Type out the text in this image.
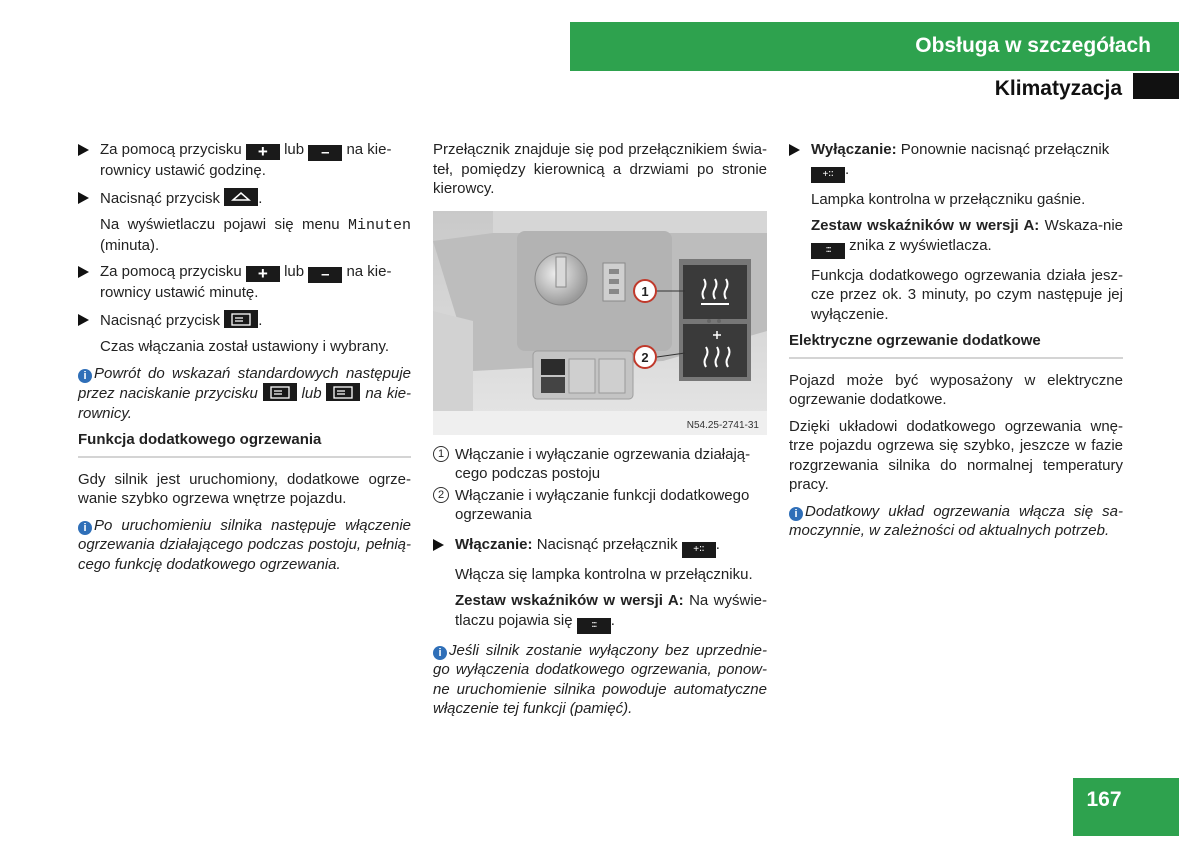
Obsługa w szczegółach
Klimatyzacja
Za pomocą przycisku +	lub –	na kie-rownicy ustawić godzinę.
Nacisnąć przycisk	.

Na wyświetlaczu pojawi się menu Minuten (minuta).

Za pomocą przycisku +	lub –	na kie-rownicy ustawić minutę.
Nacisnąć przycisk	.

Czas włączania został ustawiony i wybrany.

i Powrót do wskazań standardowych następuje przez naciskanie przycisku	lub	na kie-rownicy.

Funkcja dodatkowego ogrzewania

Gdy silnik jest uruchomiony, dodatkowe ogrze-wanie szybko ogrzewa wnętrze pojazdu.

i Po uruchomieniu silnika następuje włączenie ogrzewania działającego podczas postoju, pełnią-cego funkcję dodatkowego ogrzewania.

Przełącznik znajduje się pod przełącznikiem świa-teł, pomiędzy kierownicą a drzwiami po stronie kierowcy.

1
2
N54.25-2741-31
1 Włączanie i wyłączanie ogrzewania działają-cego podczas postoju
2 Włączanie i wyłączanie funkcji dodatkowego ogrzewania
Włączanie: Nacisnąć przełącznik +∶∶	.

Włącza się lampka kontrolna w przełączniku.

Zestaw wskaźników w wersji A: Na wyświe-tlaczu pojawia się ∶∶∶	.

i Jeśli silnik zostanie wyłączony bez uprzednie-go wyłączenia dodatkowego ogrzewania, ponow-ne uruchomienie silnika powoduje automatyczne włączenie tej funkcji (pamięć).

Wyłączanie: Ponownie nacisnąć przełącznik +∶∶.

Lampka kontrolna w przełączniku gaśnie.

Zestaw wskaźników w wersji A: Wskaza-nie ∶∶∶ znika z wyświetlacza.

Funkcja dodatkowego ogrzewania działa jesz-cze przez ok. 3 minuty, po czym następuje jej wyłączenie.

Elektryczne ogrzewanie dodatkowe

Pojazd może być wyposażony w elektryczne ogrzewanie dodatkowe.

Dzięki układowi dodatkowego ogrzewania wnę-trze pojazdu ogrzewa się szybko, jeszcze w fazie rozgrzewania silnika do normalnej temperatury pracy.

i Dodatkowy układ ogrzewania włącza się sa-moczynnie, w zależności od aktualnych potrzeb.

167
